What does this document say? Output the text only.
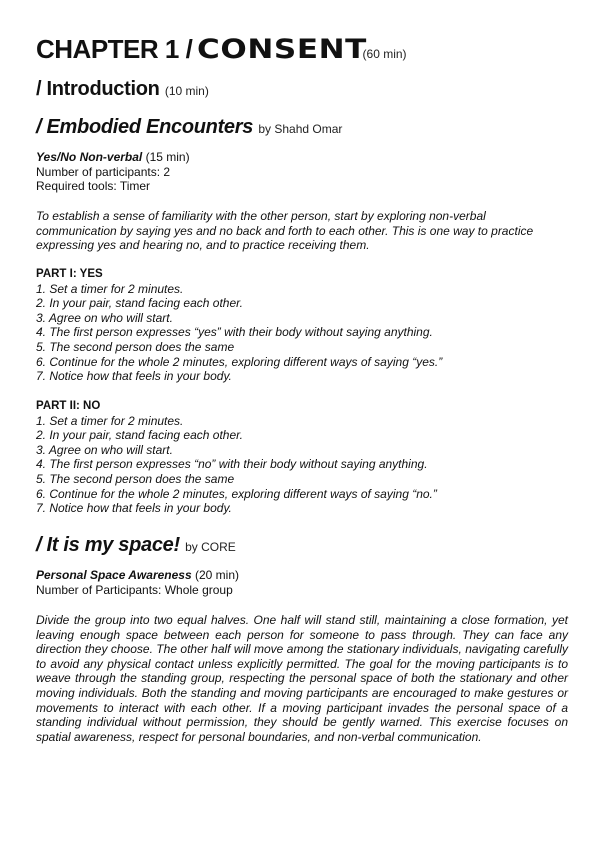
CHAPTER 1 / CONSENT(60 min)
/ Introduction (10 min)
/ Embodied Encounters by Shahd Omar
Yes/No Non-verbal (15 min)
Number of participants: 2
Required tools: Timer
To establish a sense of familiarity with the other person, start by exploring non-verbal communication by saying yes and no back and forth to each other. This is one way to practice expressing yes and hearing no, and to practice receiving them.
PART I: YES
1. Set a timer for 2 minutes.
2. In your pair, stand facing each other.
3. Agree on who will start.
4. The first person expresses “yes” with their body without saying anything.
5. The second person does the same
6. Continue for the whole 2 minutes, exploring different ways of saying “yes.”
7. Notice how that feels in your body.
PART II: NO
1. Set a timer for 2 minutes.
2. In your pair, stand facing each other.
3. Agree on who will start.
4. The first person expresses “no” with their body without saying anything.
5. The second person does the same
6. Continue for the whole 2 minutes, exploring different ways of saying “no.”
7. Notice how that feels in your body.
/ It is my space! by CORE
Personal Space Awareness (20 min)
Number of Participants: Whole group
Divide the group into two equal halves. One half will stand still, maintaining a close formation, yet leaving enough space between each person for someone to pass through. They can face any direction they choose. The other half will move among the stationary individuals, navigating carefully to avoid any physical contact unless explicitly permitted. The goal for the moving participants is to weave through the standing group, respecting the personal space of both the stationary and other moving individuals. Both the standing and moving participants are encouraged to make gestures or movements to interact with each other. If a moving participant invades the personal space of a standing individual without permission, they should be gently warned. This exercise focuses on spatial awareness, respect for personal boundaries, and non-verbal communication.
